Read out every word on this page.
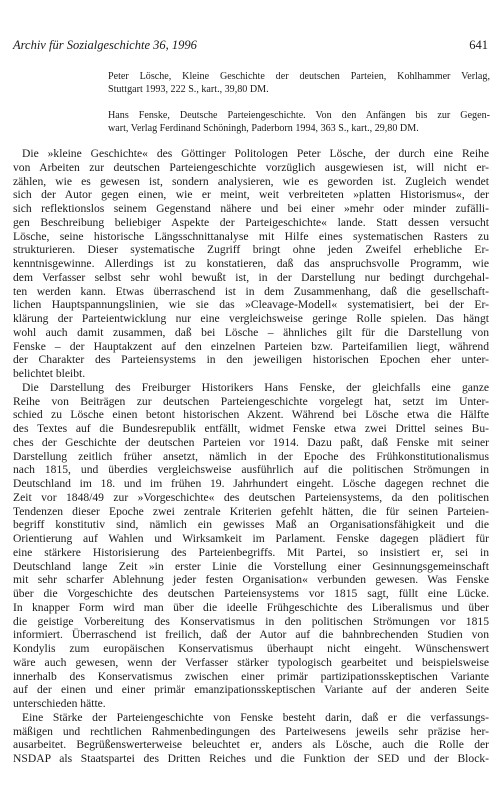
Archiv für Sozialgeschichte 36, 1996	641
Peter Lösche, Kleine Geschichte der deutschen Parteien, Kohlhammer Verlag,
Stuttgart 1993, 222 S., kart., 39,80 DM.
Hans Fenske, Deutsche Parteiengeschichte. Von den Anfängen bis zur Gegen-
wart, Verlag Ferdinand Schöningh, Paderborn 1994, 363 S., kart., 29,80 DM.

Die »kleine Geschichte« des Göttinger Politologen Peter Lösche, der durch eine Reihe
von Arbeiten zur deutschen Parteiengeschichte vorzüglich ausgewiesen ist, will nicht er-
zählen, wie es gewesen ist, sondern analysieren, wie es geworden ist. Zugleich wendet
sich der Autor gegen einen, wie er meint, weit verbreiteten »platten Historismus«, der
sich reflektionslos seinem Gegenstand nähere und bei einer »mehr oder minder zufälli-
gen Beschreibung beliebiger Aspekte der Parteigeschichte« lande. Statt dessen versucht
Lösche, seine historische Längsschnittanalyse mit Hilfe eines systematischen Rasters zu
strukturieren. Dieser systematische Zugriff bringt ohne jeden Zweifel erhebliche Er-
kenntnisgewinne. Allerdings ist zu konstatieren, daß das anspruchsvolle Programm, wie
dem Verfasser selbst sehr wohl bewußt ist, in der Darstellung nur bedingt durchgehal-
ten werden kann. Etwas überraschend ist in dem Zusammenhang, daß die gesellschaft-
lichen Hauptspannungslinien, wie sie das »Cleavage-Modell« systematisiert, bei der Er-
klärung der Parteientwicklung nur eine vergleichsweise geringe Rolle spielen. Das hängt
wohl auch damit zusammen, daß bei Lösche – ähnliches gilt für die Darstellung von
Fenske – der Hauptakzent auf den einzelnen Parteien bzw. Parteifamilien liegt, während
der Charakter des Parteiensystems in den jeweiligen historischen Epochen eher unter-
belichtet bleibt.

Die Darstellung des Freiburger Historikers Hans Fenske, der gleichfalls eine ganze
Reihe von Beiträgen zur deutschen Parteiengeschichte vorgelegt hat, setzt im Unter-
schied zu Lösche einen betont historischen Akzent. Während bei Lösche etwa die Hälfte
des Textes auf die Bundesrepublik entfällt, widmet Fenske etwa zwei Drittel seines Bu-
ches der Geschichte der deutschen Parteien vor 1914. Dazu paßt, daß Fenske mit seiner
Darstellung zeitlich früher ansetzt, nämlich in der Epoche des Frühkonstitutionalismus
nach 1815, und überdies vergleichsweise ausführlich auf die politischen Strömungen in
Deutschland im 18. und im frühen 19. Jahrhundert eingeht. Lösche dagegen rechnet die
Zeit vor 1848/49 zur »Vorgeschichte« des deutschen Parteiensystems, da den politischen
Tendenzen dieser Epoche zwei zentrale Kriterien gefehlt hätten, die für seinen Parteien-
begriff konstitutiv sind, nämlich ein gewisses Maß an Organisationsfähigkeit und die
Orientierung auf Wahlen und Wirksamkeit im Parlament. Fenske dagegen plädiert für
eine stärkere Historisierung des Parteienbegriffs. Mit Partei, so insistiert er, sei in
Deutschland lange Zeit »in erster Linie die Vorstellung einer Gesinnungsgemeinschaft
mit sehr scharfer Ablehnung jeder festen Organisation« verbunden gewesen. Was Fenske
über die Vorgeschichte des deutschen Parteiensystems vor 1815 sagt, füllt eine Lücke.
In knapper Form wird man über die ideelle Frühgeschichte des Liberalismus und über
die geistige Vorbereitung des Konservatismus in den politischen Strömungen vor 1815
informiert. Überraschend ist freilich, daß der Autor auf die bahnbrechenden Studien von
Kondylis zum europäischen Konservatismus überhaupt nicht eingeht. Wünschenswert
wäre auch gewesen, wenn der Verfasser stärker typologisch gearbeitet und beispielsweise
innerhalb des Konservatismus zwischen einer primär partizipationsskeptischen Variante
auf der einen und einer primär emanzipationsskeptischen Variante auf der anderen Seite
unterschieden hätte.

Eine Stärke der Parteiengeschichte von Fenske besteht darin, daß er die verfassungs-
mäßigen und rechtlichen Rahmenbedingungen des Parteiwesens jeweils sehr präzise her-
ausarbeitet. Begrüßenswerterweise beleuchtet er, anders als Lösche, auch die Rolle der
NSDAP als Staatspartei des Dritten Reiches und die Funktion der SED und der Block-
